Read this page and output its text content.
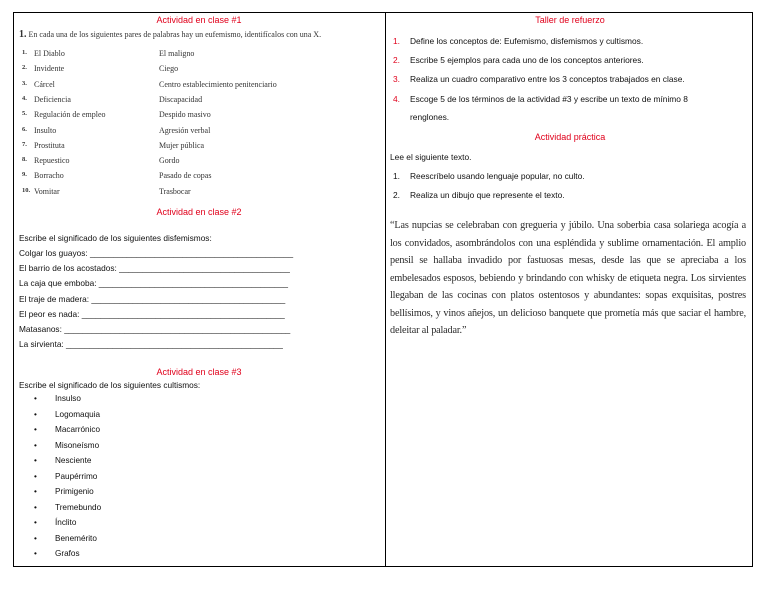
Actividad en clase #1
1. En cada una de los siguientes pares de palabras hay un eufemismo, identifícalos con una X.
1. El Diablo	El maligno
2. Invidente	Ciego
3. Cárcel	Centro establecimiento penitenciario
4. Deficiencia	Discapacidad
5. Regulación de empleo	Despido masivo
6. Insulto	Agresión verbal
7. Prostituta	Mujer pública
8. Repuestico	Gordo
9. Borracho	Pasado de copas
10. Vomitar	Trasbocar
Actividad en clase #2
Escribe el significado de los siguientes disfemismos:
Colgar los guayos: ____________________________________________
El barrio de los acostados: _____________________________________
La caja que emboba: _________________________________________
El traje de madera: __________________________________________
El peor es nada: ____________________________________________
Matasanos: _________________________________________________
La sirvienta: _______________________________________________
Actividad en clase #3
Escribe el significado de los siguientes cultismos:
• Insulso
• Logomaquia
• Macarrónico
• Misoneísmo
• Nesciente
• Paupérrimo
• Primigenio
• Tremebundo
• Ínclito
• Benemérito
• Grafos
Taller de refuerzo
1.	Define los conceptos de: Eufemismo, disfemismos y cultismos.
2.	Escribe 5 ejemplos para cada uno de los conceptos anteriores.
3.	Realiza un cuadro comparativo entre los 3 conceptos trabajados en clase.
4.	Escoge 5 de los términos de la actividad #3 y escribe un texto de mínimo 8
renglones.
Actividad práctica
Lee el siguiente texto.
1.	Reescríbelo usando lenguaje popular, no culto.
2.	Realiza un dibujo que represente el texto.
“Las nupcias se celebraban con gregueria y júbilo. Una soberbia casa solariega acogía a los convidados, asombrándolos con una espléndida y sublime ornamentación. El amplio pensil se hallaba invadido por fastuosas mesas, desde las que se apreciaba a los embelesados esposos, bebiendo y brindando con whisky de etiqueta negra. Los sirvientes llegaban de las cocinas con platos ostentosos y abundantes: sopas exquisitas, postres bellísimos, y vinos añejos, un delicioso banquete que prometía más que saciar el hambre, deleitar al paladar.”
